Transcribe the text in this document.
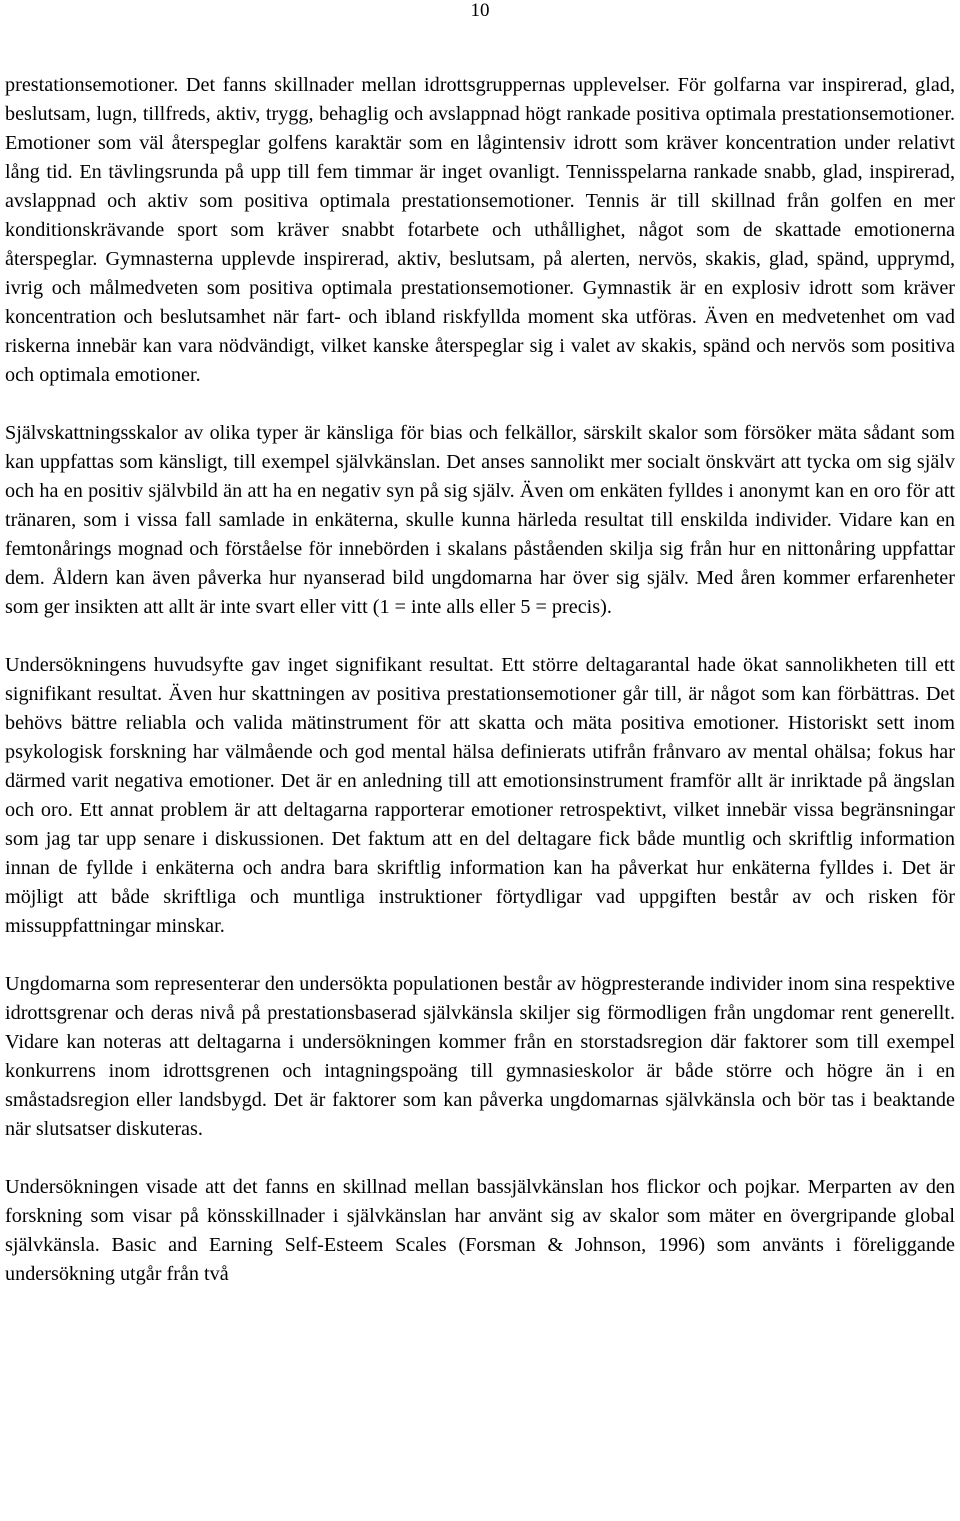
10

prestationsemotioner. Det fanns skillnader mellan idrottsgruppernas upplevelser. För golfarna var inspirerad, glad, beslutsam, lugn, tillfreds, aktiv, trygg, behaglig och avslappnad högt rankade positiva optimala prestationsemotioner. Emotioner som väl återspeglar golfens karaktär som en lågintensiv idrott som kräver koncentration under relativt lång tid. En tävlingsrunda på upp till fem timmar är inget ovanligt. Tennisspelarna rankade snabb, glad, inspirerad, avslappnad och aktiv som positiva optimala prestationsemotioner. Tennis är till skillnad från golfen en mer konditionskrävande sport som kräver snabbt fotarbete och uthållighet, något som de skattade emotionerna återspeglar. Gymnasterna upplevde inspirerad, aktiv, beslutsam, på alerten, nervös, skakis, glad, spänd, upprymd, ivrig och målmedveten som positiva optimala prestationsemotioner. Gymnastik är en explosiv idrott som kräver koncentration och beslutsamhet när fart- och ibland riskfyllda moment ska utföras. Även en medvetenhet om vad riskerna innebär kan vara nödvändigt, vilket kanske återspeglar sig i valet av skakis, spänd och nervös som positiva och optimala emotioner.

Självskattningsskalor av olika typer är känsliga för bias och felkällor, särskilt skalor som försöker mäta sådant som kan uppfattas som känsligt, till exempel självkänslan. Det anses sannolikt mer socialt önskvärt att tycka om sig själv och ha en positiv självbild än att ha en negativ syn på sig själv. Även om enkäten fylldes i anonymt kan en oro för att tränaren, som i vissa fall samlade in enkäterna, skulle kunna härleda resultat till enskilda individer. Vidare kan en femtonårings mognad och förståelse för innebörden i skalans påståenden skilja sig från hur en nittonåring uppfattar dem. Åldern kan även påverka hur nyanserad bild ungdomarna har över sig själv. Med åren kommer erfarenheter som ger insikten att allt är inte svart eller vitt (1 = inte alls eller 5 = precis).

Undersökningens huvudsyfte gav inget signifikant resultat. Ett större deltagarantal hade ökat sannolikheten till ett signifikant resultat. Även hur skattningen av positiva prestationsemotioner går till, är något som kan förbättras. Det behövs bättre reliabla och valida mätinstrument för att skatta och mäta positiva emotioner. Historiskt sett inom psykologisk forskning har välmående och god mental hälsa definierats utifrån frånvaro av mental ohälsa; fokus har därmed varit negativa emotioner. Det är en anledning till att emotionsinstrument framför allt är inriktade på ängslan och oro. Ett annat problem är att deltagarna rapporterar emotioner retrospektivt, vilket innebär vissa begränsningar som jag tar upp senare i diskussionen. Det faktum att en del deltagare fick både muntlig och skriftlig information innan de fyllde i enkäterna och andra bara skriftlig information kan ha påverkat hur enkäterna fylldes i. Det är möjligt att både skriftliga och muntliga instruktioner förtydligar vad uppgiften består av och risken för missuppfattningar minskar.

Ungdomarna som representerar den undersökta populationen består av högpresterande individer inom sina respektive idrottsgrenar och deras nivå på prestationsbaserad självkänsla skiljer sig förmodligen från ungdomar rent generellt. Vidare kan noteras att deltagarna i undersökningen kommer från en storstadsregion där faktorer som till exempel konkurrens inom idrottsgrenen och intagningspoäng till gymnasieskolor är både större och högre än i en småstadsregion eller landsbygd. Det är faktorer som kan påverka ungdomarnas självkänsla och bör tas i beaktande när slutsatser diskuteras.

Undersökningen visade att det fanns en skillnad mellan bassjälvkänslan hos flickor och pojkar. Merparten av den forskning som visar på könsskillnader i självkänslan har använt sig av skalor som mäter en övergripande global självkänsla. Basic and Earning Self-Esteem Scales (Forsman & Johnson, 1996) som använts i föreliggande undersökning utgår från två
